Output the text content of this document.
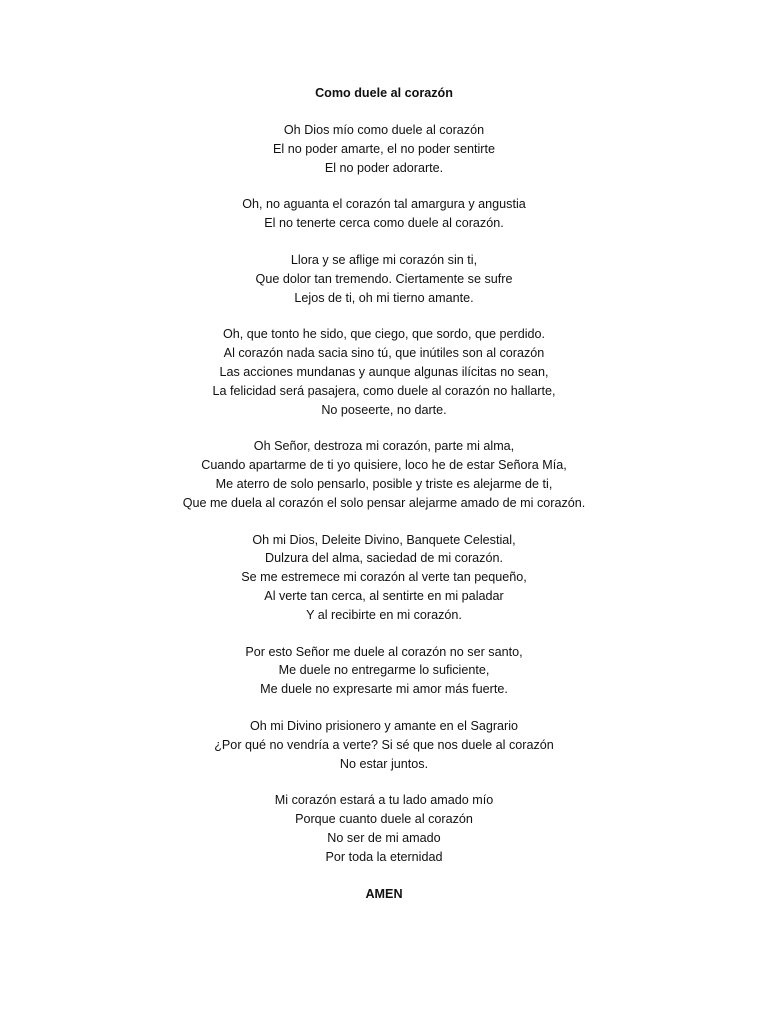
Como duele al corazón
Oh Dios mío como duele al corazón
El no poder amarte, el no poder sentirte
El no poder adorarte.
Oh, no aguanta el corazón tal amargura y angustia
El no tenerte cerca como duele al corazón.
Llora y se aflige mi corazón sin ti,
Que dolor tan tremendo. Ciertamente se sufre
Lejos de ti, oh mi tierno amante.
Oh, que tonto he sido, que ciego, que sordo, que perdido.
Al corazón nada sacia sino tú, que inútiles son al corazón
Las acciones mundanas y aunque algunas ilícitas no sean,
La felicidad será pasajera, como duele al corazón no hallarte,
No poseerte, no darte.
Oh Señor, destroza mi corazón, parte mi alma,
Cuando apartarme de ti yo quisiere, loco he de estar Señora Mía,
Me aterro de solo pensarlo, posible y triste es alejarme de ti,
Que me duela al corazón el solo pensar alejarme amado de mi corazón.
Oh mi Dios, Deleite Divino, Banquete Celestial,
Dulzura del alma, saciedad de mi corazón.
Se me estremece mi corazón al verte tan pequeño,
Al verte tan cerca, al sentirte en mi paladar
Y al recibirte en mi corazón.
Por esto Señor me duele al corazón no ser santo,
Me duele no entregarme lo suficiente,
Me duele no expresarte mi amor más fuerte.
Oh mi Divino prisionero y amante en el Sagrario
¿Por qué no vendría a verte? Si sé que nos duele al corazón
No estar juntos.
Mi corazón estará a tu lado amado mío
Porque cuanto duele al corazón
No ser de mi amado
Por toda la eternidad
AMEN
